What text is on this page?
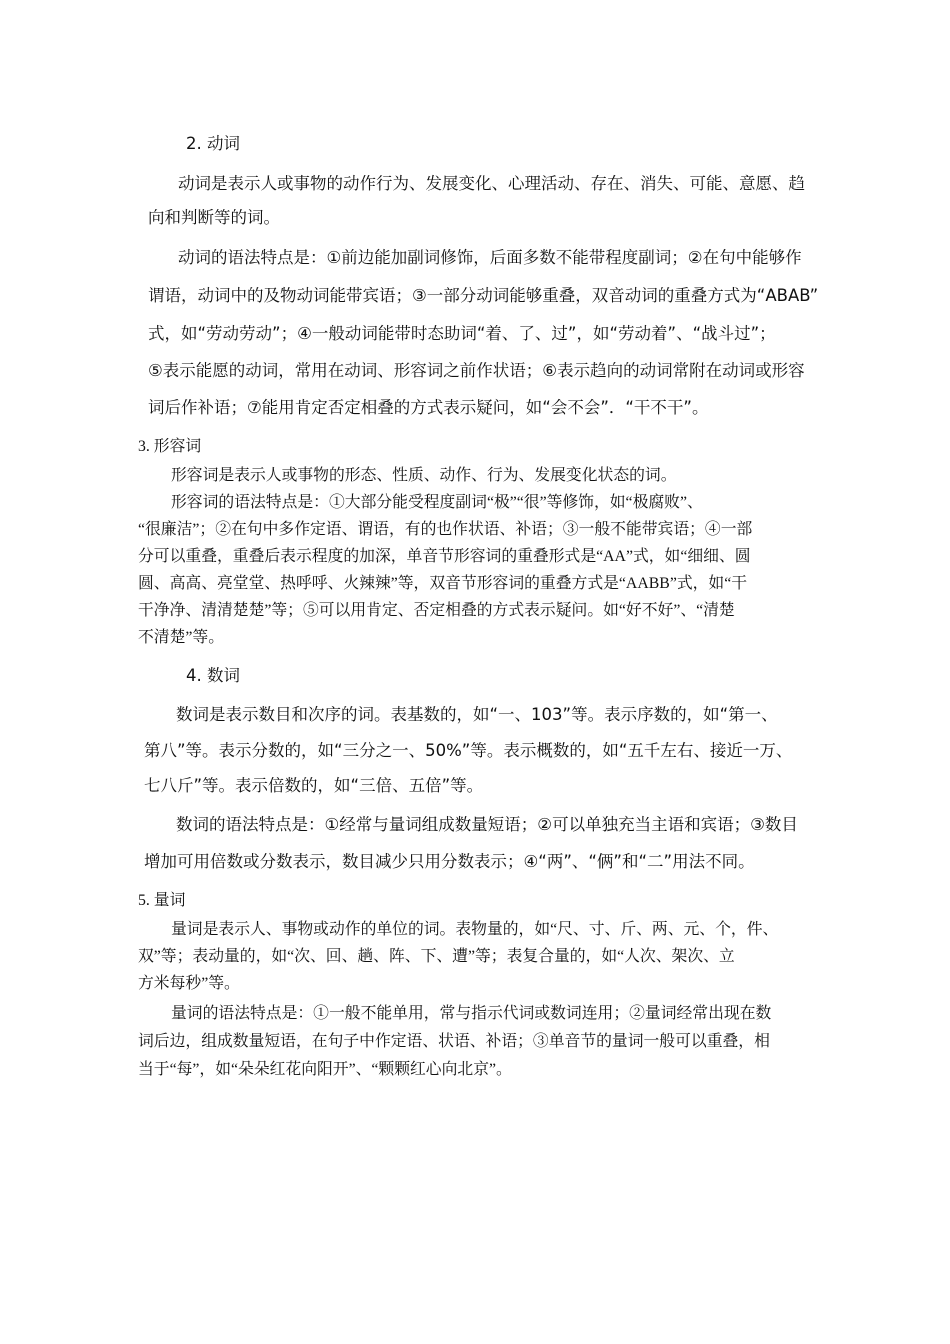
2. 动词
动词是表示人或事物的动作行为、发展变化、心理活动、存在、消失、可能、意愿、趋
向和判断等的词。
动词的语法特点是：①前边能加副词修饰，后面多数不能带程度副词；②在句中能够作
谓语，动词中的及物动词能带宾语；③一部分动词能够重叠，双音动词的重叠方式为“ABAB”
式，如“劳动劳动”；④一般动词能带时态助词“着、了、过”，如“劳动着”、“战斗过”；
⑤表示能愿的动词，常用在动词、形容词之前作状语；⑥表示趋向的动词常附在动词或形容
词后作补语；⑦能用肯定否定相叠的方式表示疑问，如“会不会”．“干不干”。
3. 形容词
形容词是表示人或事物的形态、性质、动作、行为、发展变化状态的词。
形容词的语法特点是：①大部分能受程度副词“极”“很”等修饰，如“极腐败”、
“很廉洁”；②在句中多作定语、谓语，有的也作状语、补语；③一般不能带宾语；④一部
分可以重叠，重叠后表示程度的加深，单音节形容词的重叠形式是“AA”式，如“细细、圆
圆、高高、亮堂堂、热呼呼、火辣辣”等，双音节形容词的重叠方式是“AABB”式，如“干
干净净、清清楚楚”等；⑤可以用肯定、否定相叠的方式表示疑问。如“好不好”、“清楚
不清楚”等。
4. 数词
数词是表示数目和次序的词。表基数的，如“一、103”等。表示序数的，如“第一、
第八”等。表示分数的，如“三分之一、50%”等。表示概数的，如“五千左右、接近一万、
七八斤”等。表示倍数的，如“三倍、五倍”等。
数词的语法特点是：①经常与量词组成数量短语；②可以单独充当主语和宾语；③数目
增加可用倍数或分数表示，数目减少只用分数表示；④“两”、“俩”和“二”用法不同。
5. 量词
量词是表示人、事物或动作的单位的词。表物量的，如“尺、寸、斤、两、元、个，件、
双”等；表动量的，如“次、回、趟、阵、下、遭”等；表复合量的，如“人次、架次、立
方米每秒”等。
量词的语法特点是：①一般不能单用，常与指示代词或数词连用；②量词经常出现在数
词后边，组成数量短语，在句子中作定语、状语、补语；③单音节的量词一般可以重叠，相
当于“每”，如“朵朵红花向阳开”、“颗颗红心向北京”。
